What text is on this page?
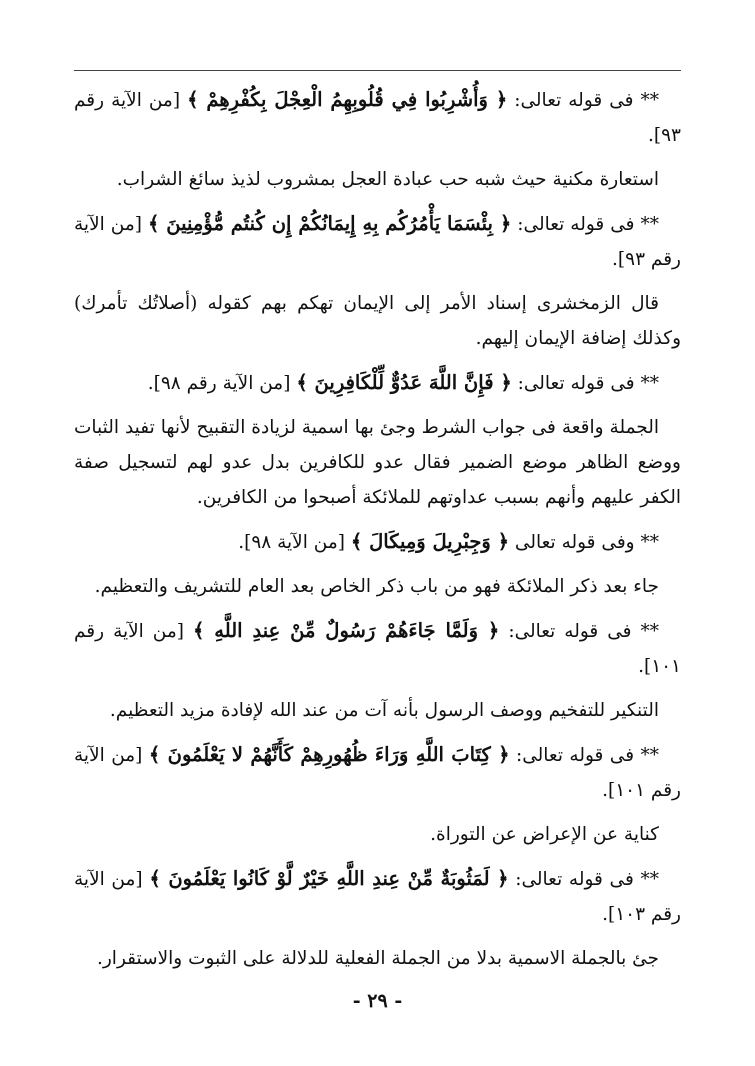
** فى قوله تعالى: ﴿ وَأُشْرِبُوا فِي قُلُوبِهِمُ الْعِجْلَ بِكُفْرِهِمْ ﴾ [من الآية رقم ٩٣].

استعارة مكنية حيث شبه حب عبادة العجل بمشروب لذيذ سائغ الشراب.

** فى قوله تعالى: ﴿ بِئْسَمَا يَأْمُرُكُم بِهِ إِيمَانُكُمْ إِن كُنتُم مُّؤْمِنِينَ ﴾ [من الآية رقم ٩٣].

قال الزمخشرى إسناد الأمر إلى الإيمان تهكم بهم كقوله (أصلاتُك تأمرك) وكذلك إضافة الإيمان إليهم.

** فى قوله تعالى: ﴿ فَإِنَّ اللَّهَ عَدُوٌّ لِّلْكَافِرِينَ ﴾ [من الآية رقم ٩٨].

الجملة واقعة فى جواب الشرط وجئ بها اسمية لزيادة التقبيح لأنها تفيد الثبات ووضع الظاهر موضع الضمير فقال عدو للكافرين بدل عدو لهم لتسجيل صفة الكفر عليهم وأنهم بسبب عداوتهم للملائكة أصبحوا من الكافرين.

** وفى قوله تعالى ﴿ وَجِبْرِيلَ وَمِيكَالَ ﴾ [من الآية ٩٨].

جاء بعد ذكر الملائكة فهو من باب ذكر الخاص بعد العام للتشريف والتعظيم.

** فى قوله تعالى: ﴿ وَلَمَّا جَاءَهُمْ رَسُولٌ مِّنْ عِندِ اللَّهِ ﴾ [من الآية رقم ١٠١].

التنكير للتفخيم ووصف الرسول بأنه آت من عند الله لإفادة مزيد التعظيم.

** فى قوله تعالى: ﴿ كِتَابَ اللَّهِ وَرَاءَ ظُهُورِهِمْ كَأَنَّهُمْ لا يَعْلَمُونَ ﴾ [من الآية رقم ١٠١].

كناية عن الإعراض عن التوراة.

** فى قوله تعالى: ﴿ لَمَثُوبَةٌ مِّنْ عِندِ اللَّهِ خَيْرٌ لَّوْ كَانُوا يَعْلَمُونَ ﴾ [من الآية رقم ١٠٣].

جئ بالجملة الاسمية بدلا من الجملة الفعلية للدلالة على الثبوت والاستقرار.

- ٢٩ -
